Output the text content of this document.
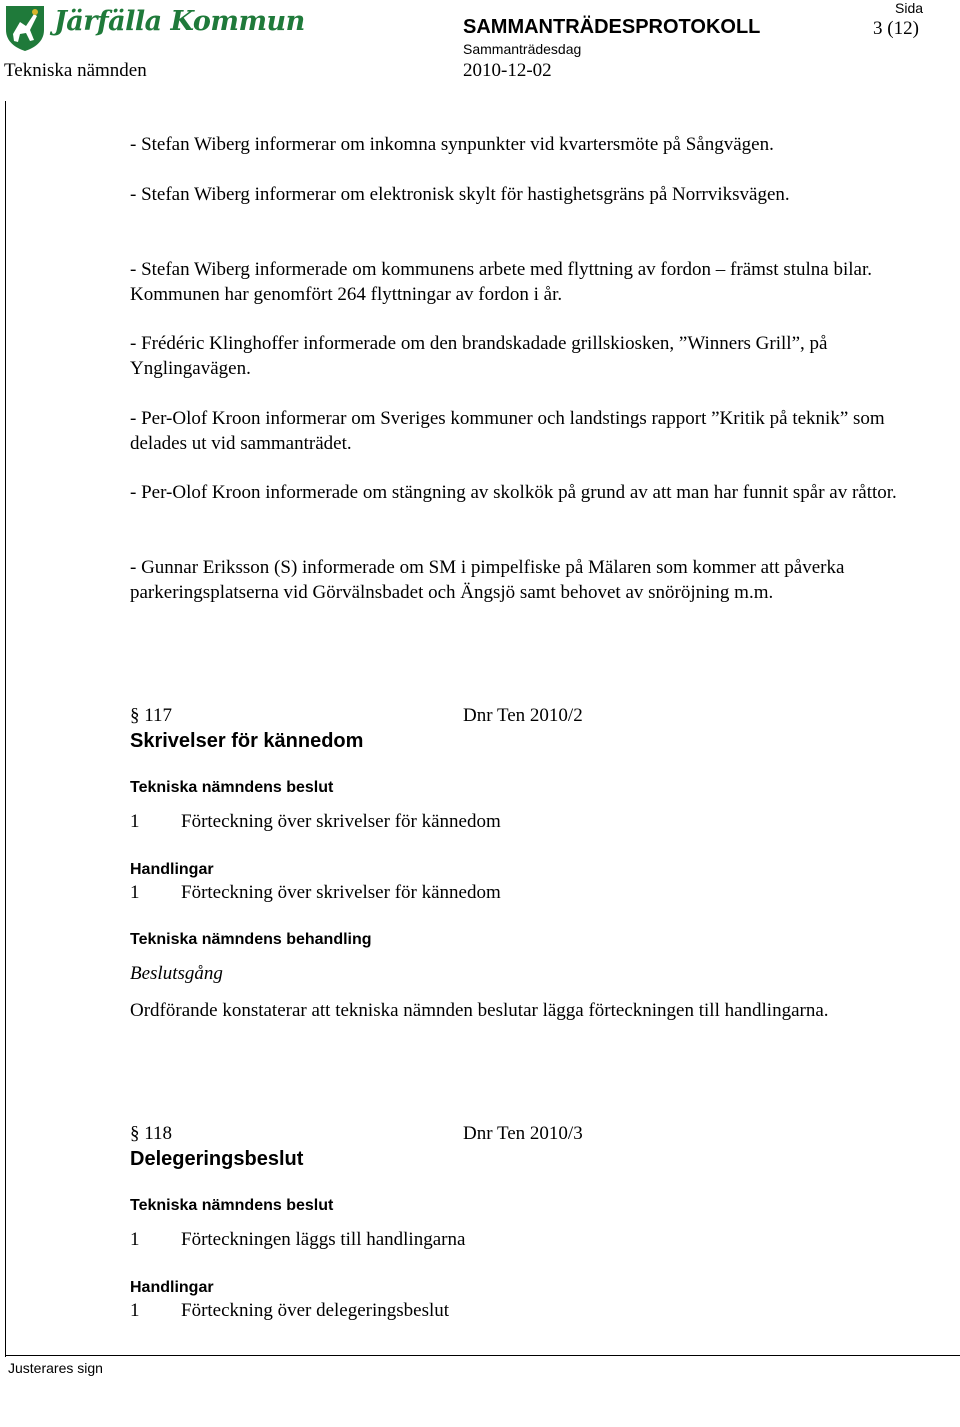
Järfälla Kommun	SAMMANTRÄDESPROTOKOLL
Sida
3 (12)
Sammanträdesdag
Tekniska nämnden	2010-12-02

- Stefan Wiberg informerar om inkomna synpunkter vid kvartersmöte på Sångvägen.

- Stefan Wiberg informerar om elektronisk skylt för hastighetsgräns på Norrviksvägen.

- Stefan Wiberg informerade om kommunens arbete med flyttning av fordon – främst stulna bilar. Kommunen har genomfört 264 flyttningar av fordon i år.

- Frédéric Klinghoffer informerade om den brandskadade grillskiosken, ”Winners Grill”, på Ynglingavägen.

- Per-Olof Kroon informerar om Sveriges kommuner och landstings rapport ”Kritik på teknik” som delades ut vid sammanträdet.

- Per-Olof Kroon informerade om stängning av skolkök på grund av att man har funnit spår av råttor.

- Gunnar Eriksson (S) informerade om SM i pimpelfiske på Mälaren som kommer att påverka parkeringsplatserna vid Görvälnsbadet och Ängsjö samt behovet av snöröjning m.m.

§ 117	Dnr Ten 2010/2
Skrivelser för kännedom
Tekniska nämndens beslut
1 Förteckning över skrivelser för kännedom
Handlingar
1 Förteckning över skrivelser för kännedom
Tekniska nämndens behandling
Beslutsgång

Ordförande konstaterar att tekniska nämnden beslutar lägga förteckningen till handlingarna.

§ 118	Dnr Ten 2010/3
Delegeringsbeslut
Tekniska nämndens beslut
1 Förteckningen läggs till handlingarna
Handlingar
1 Förteckning över delegeringsbeslut
Justerares sign
